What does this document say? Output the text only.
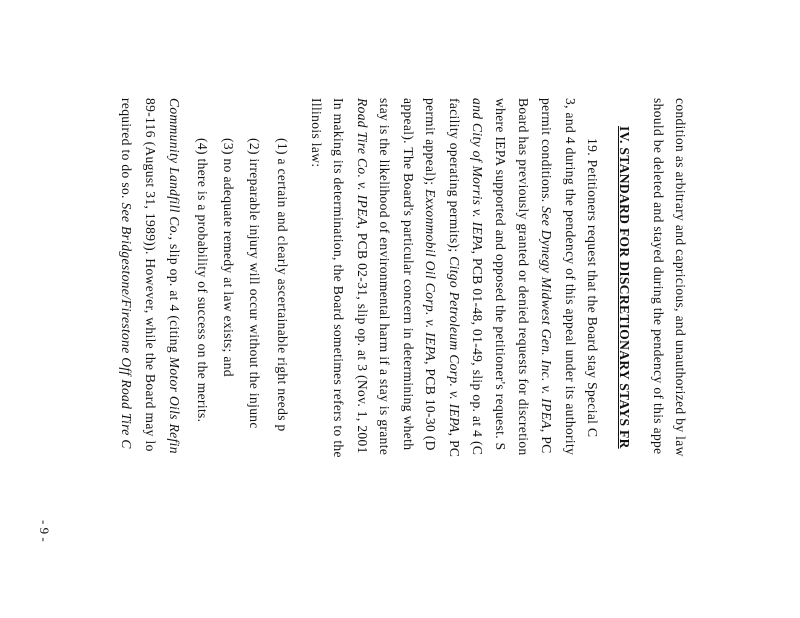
condition as arbitrary and capricious, and unauthorized by law
should be deleted and stayed during the pendency of this appe
IV. STANDARD FOR DISCRETIONARY STAYS FR
19. Petitioners request that the Board stay Special C
3, and 4 during the pendency of this appeal under its authority
permit conditions. See Dynegy Midwest Gen. Inc. v. IPEA, PC
Board has previously granted or denied requests for discretion
where IEPA supported and opposed the petitioner's request. S
and City of Morris v. IEPA, PCB 01-48, 01-49, slip op. at 4 (C
facility operating permits); Citgo Petroleum Corp. v. IEPA, PC
permit appeal); Exxonmobil Oil Corp. v. IEPA, PCB 10-30 (D
appeal). The Board's particular concern in determining wheth
stay is the likelihood of environmental harm if a stay is grante
Road Tire Co. v. IPEA, PCB 02-31, slip op. at 3 (Nov. 1, 2001
In making its determination, the Board sometimes refers to the
Illinois law:
(1) a certain and clearly ascertainable right needs p
(2) irreparable injury will occur without the injunc
(3) no adequate remedy at law exists; and
(4) there is a probability of success on the merits.
Community Landfill Co., slip op. at 4 (citing Motor Oils Refin
89-116 (August 31, 1989)). However, while the Board may lo
required to do so. See Bridgestone/Firestone Off Road Tire C
- 9 -
